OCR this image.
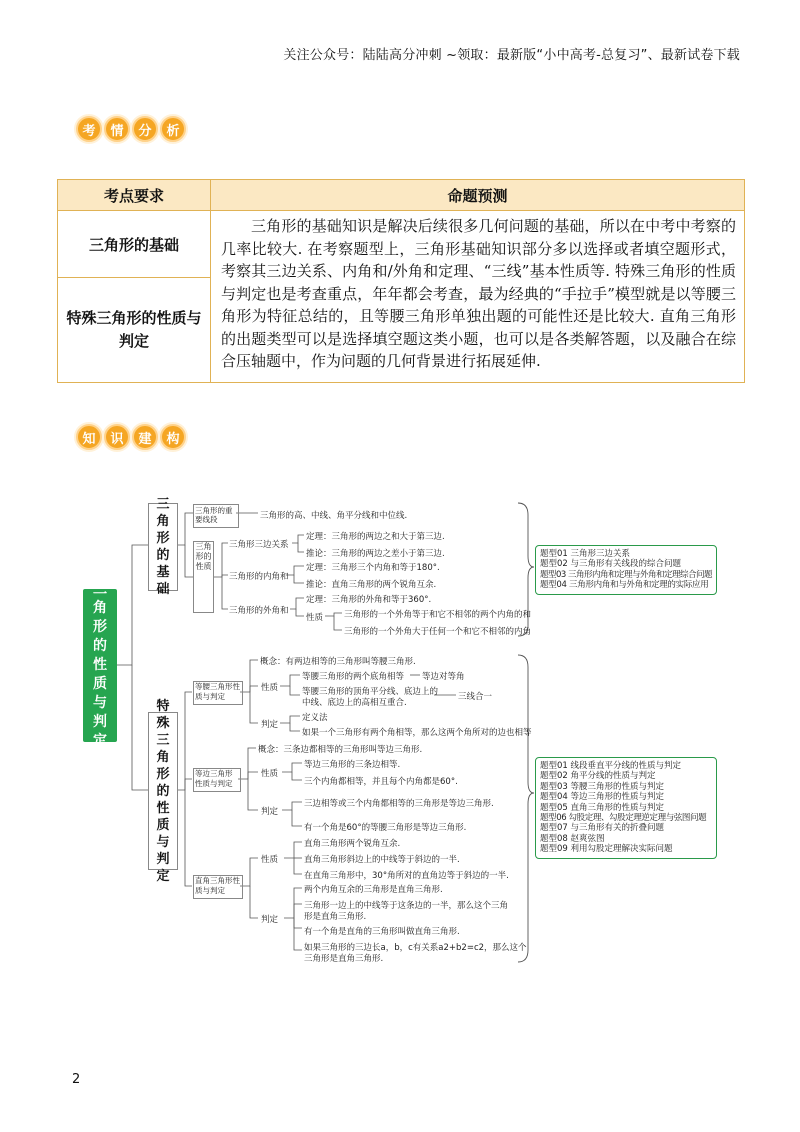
关注公众号：陆陆高分冲刺 ~领取：最新版“小中高考-总复习”、最新试卷下载
考	情	分	析
考点要求	命题预测
三角形的基础
特殊三角形的性质与判定
三角形的基础知识是解决后续很多几何问题的基础，所以在中考中考察的几率比较大. 在考察题型上，三角形基础知识部分多以选择或者填空题形式，考察其三边关系、内角和/外角和定理、“三线”基本性质等. 特殊三角形的性质与判定也是考查重点，年年都会考查，最为经典的“手拉手”模型就是以等腰三角形为特征总结的，且等腰三角形单独出题的可能性还是比较大. 直角三角形的出题类型可以是选择填空题这类小题，也可以是各类解答题，以及融合在综合压轴题中，作为问题的几何背景进行拓展延伸.
知	识	建	构
三角形的性质与判定
三角形的基础
三角形的重要线段	三角形的高、中线、角平分线和中位线.
三角形的性质
三角形三边关系
定理：三角形的两边之和大于第三边.
推论：三角形的两边之差小于第三边.
三角形的内角和
定理：三角形三个内角和等于180°.
推论：直角三角形的两个锐角互余.
三角形的外角和
定理：三角形的外角和等于360°.
性质 三角形的一个外角等于和它不相邻的两个内角的和
三角形的一个外角大于任何一个和它不相邻的内角
题型01 三角形三边关系
题型02 与三角形有关线段的综合问题
题型03 三角形内角和定理与外角和定理综合问题
题型04 三角形内角和与外角和定理的实际应用
特殊三角形的性质与判定
等腰三角形性质与判定
概念：有两边相等的三角形叫等腰三角形.
性质
等腰三角形的两个底角相等 等边对等角
等腰三角形的顶角平分线、底边上的
中线、底边上的高相互重合.
三线合一
判定
定义法
如果一个三角形有两个角相等，那么这两个角所对的边也相等
等边三角形性质与判定
概念：三条边都相等的三角形叫等边三角形.
性质
等边三角形的三条边相等.
三个内角都相等，并且每个内角都是60°.
判定
三边相等或三个内角都相等的三角形是等边三角形.
有一个角是60°的等腰三角形是等边三角形.
直角三角形性质与判定
性质
直角三角形两个锐角互余.
直角三角形斜边上的中线等于斜边的一半.
在直角三角形中，30°角所对的直角边等于斜边的一半.
判定
两个内角互余的三角形是直角三角形.
三角形一边上的中线等于这条边的一半，那么这个三角
形是直角三角形.
有一个角是直角的三角形叫做直角三角形.
如果三角形的三边长a，b，c有关系a2+b2=c2，那么这个
三角形是直角三角形.
题型01 线段垂直平分线的性质与判定
题型02 角平分线的性质与判定
题型03 等腰三角形的性质与判定
题型04 等边三角形的性质与判定
题型05 直角三角形的性质与判定
题型06 勾股定理、勾股定理逆定理与弦图问题
题型07 与三角形有关的折叠问题
题型08 赵爽弦图
题型09 利用勾股定理解决实际问题
2
